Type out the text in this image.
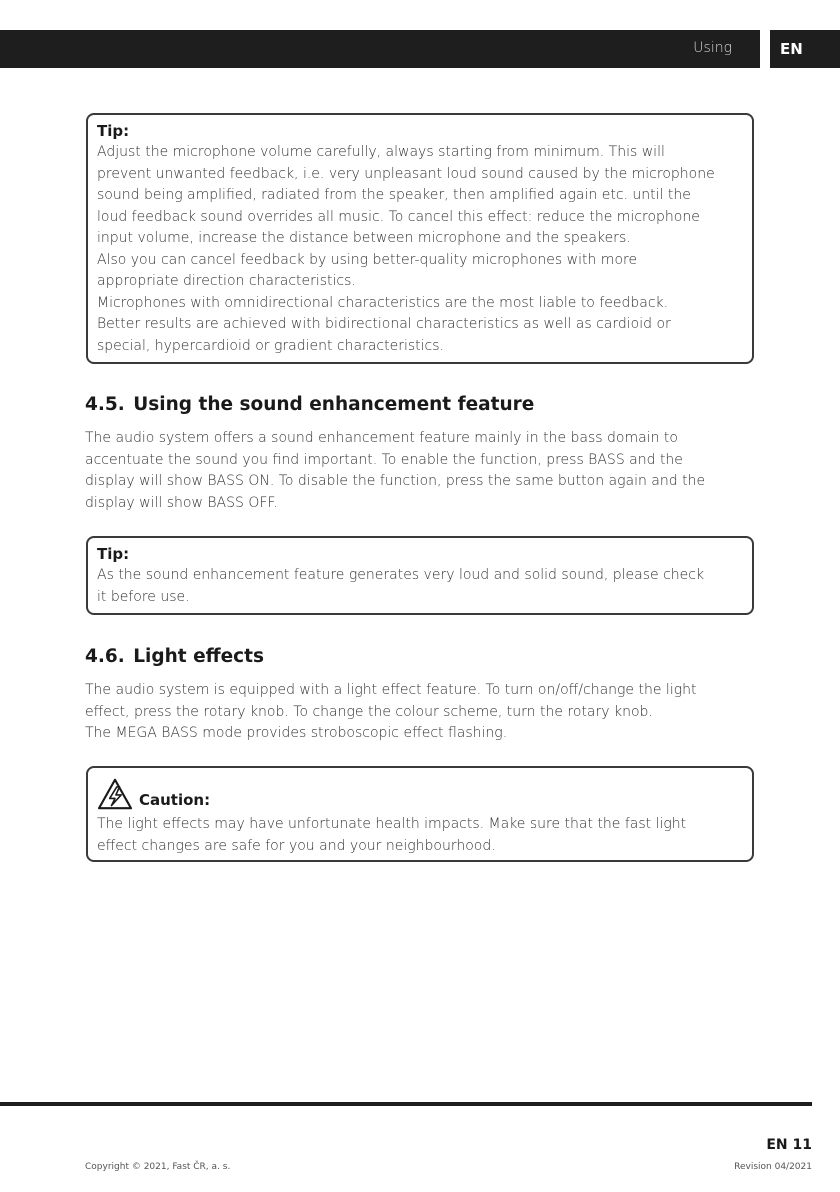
Using	EN
Tip:
Adjust the microphone volume carefully, always starting from minimum. This will
prevent unwanted feedback, i.e. very unpleasant loud sound caused by the microphone
sound being amplified, radiated from the speaker, then amplified again etc. until the
loud feedback sound overrides all music. To cancel this effect: reduce the microphone
input volume, increase the distance between microphone and the speakers.
Also you can cancel feedback by using better-quality microphones with more
appropriate direction characteristics.
Microphones with omnidirectional characteristics are the most liable to feedback.
Better results are achieved with bidirectional characteristics as well as cardioid or
special, hypercardioid or gradient characteristics.
4.5. Using the sound enhancement feature
The audio system offers a sound enhancement feature mainly in the bass domain to
accentuate the sound you find important. To enable the function, press BASS and the
display will show BASS ON. To disable the function, press the same button again and the
display will show BASS OFF.
Tip:
As the sound enhancement feature generates very loud and solid sound, please check
it before use.
4.6. Light effects
The audio system is equipped with a light effect feature. To turn on/off/change the light
effect, press the rotary knob. To change the colour scheme, turn the rotary knob.
The MEGA BASS mode provides stroboscopic effect flashing.
Caution:
The light effects may have unfortunate health impacts. Make sure that the fast light
effect changes are safe for you and your neighbourhood.
EN 11
Copyright © 2021, Fast ČR, a. s.	Revision 04/2021
